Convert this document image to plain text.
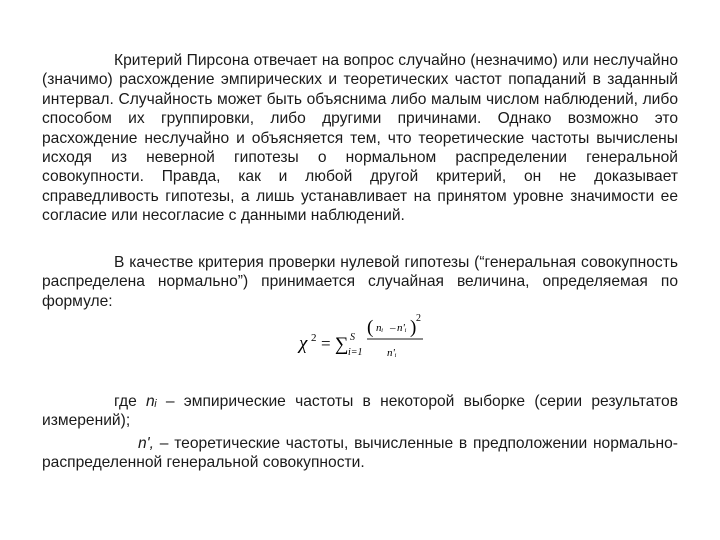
Критерий Пирсона отвечает на вопрос случайно (незначимо) или неслучайно (значимо) расхождение эмпирических и теоретических частот попаданий в заданный интервал. Случайность может быть объяснима либо малым числом наблюдений, либо способом их группировки, либо другими причинами. Однако возможно это расхождение неслучайно и объясняется тем, что теоретические частоты вычислены исходя из неверной гипотезы о нормальном распределении генеральной совокупности. Правда, как и любой другой критерий, он не доказывает справедливость гипотезы, а лишь устанавливает на принятом уровне значимости ее согласие или несогласие с данными наблюдений.
В качестве критерия проверки нулевой гипотезы (“генеральная совокупность распределена нормально”) принимается случайная величина, определяемая по формуле:
χ 2 = ∑ S
i=1
( nᵢ – n'ᵢ ) 2
n'ᵢ
где nᵢ – эмпирические частоты в некоторой выборке (серии результатов измерений);
n', – теоретические частоты, вычисленные в предположении нормально-распределенной генеральной совокупности.
